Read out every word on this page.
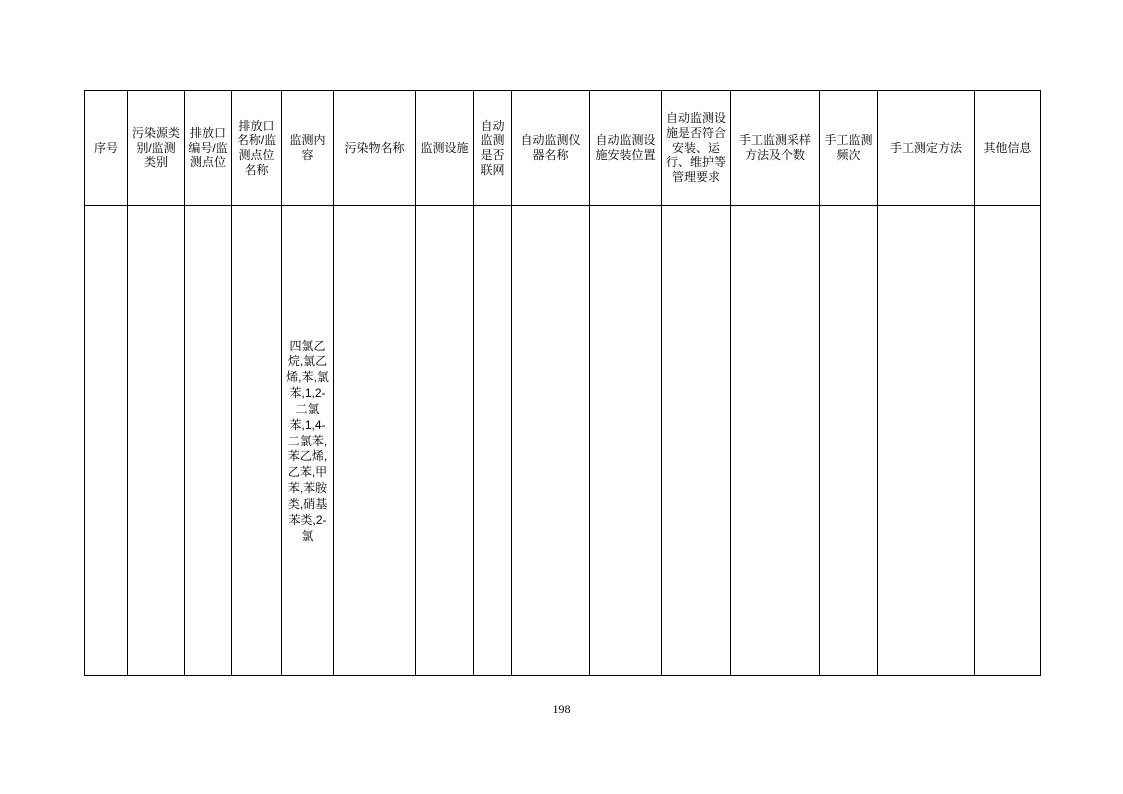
序号	污染源类别/监测类别	排放口编号/监测点位	排放口名称/监测点位名称	监测内容	污染物名称	监测设施	自动监测是否联网	自动监测仪器名称	自动监测设施安装位置	自动监测设施是否符合安装、运行、维护等管理要求	手工监测采样方法及个数	手工监测频次	手工测定方法	其他信息

				四氯乙烷,氯乙烯,苯,氯苯,1,2-二氯苯,1,4-二氯苯,苯乙烯,乙苯,甲苯,苯胺类,硝基苯类,2-氯										

198
